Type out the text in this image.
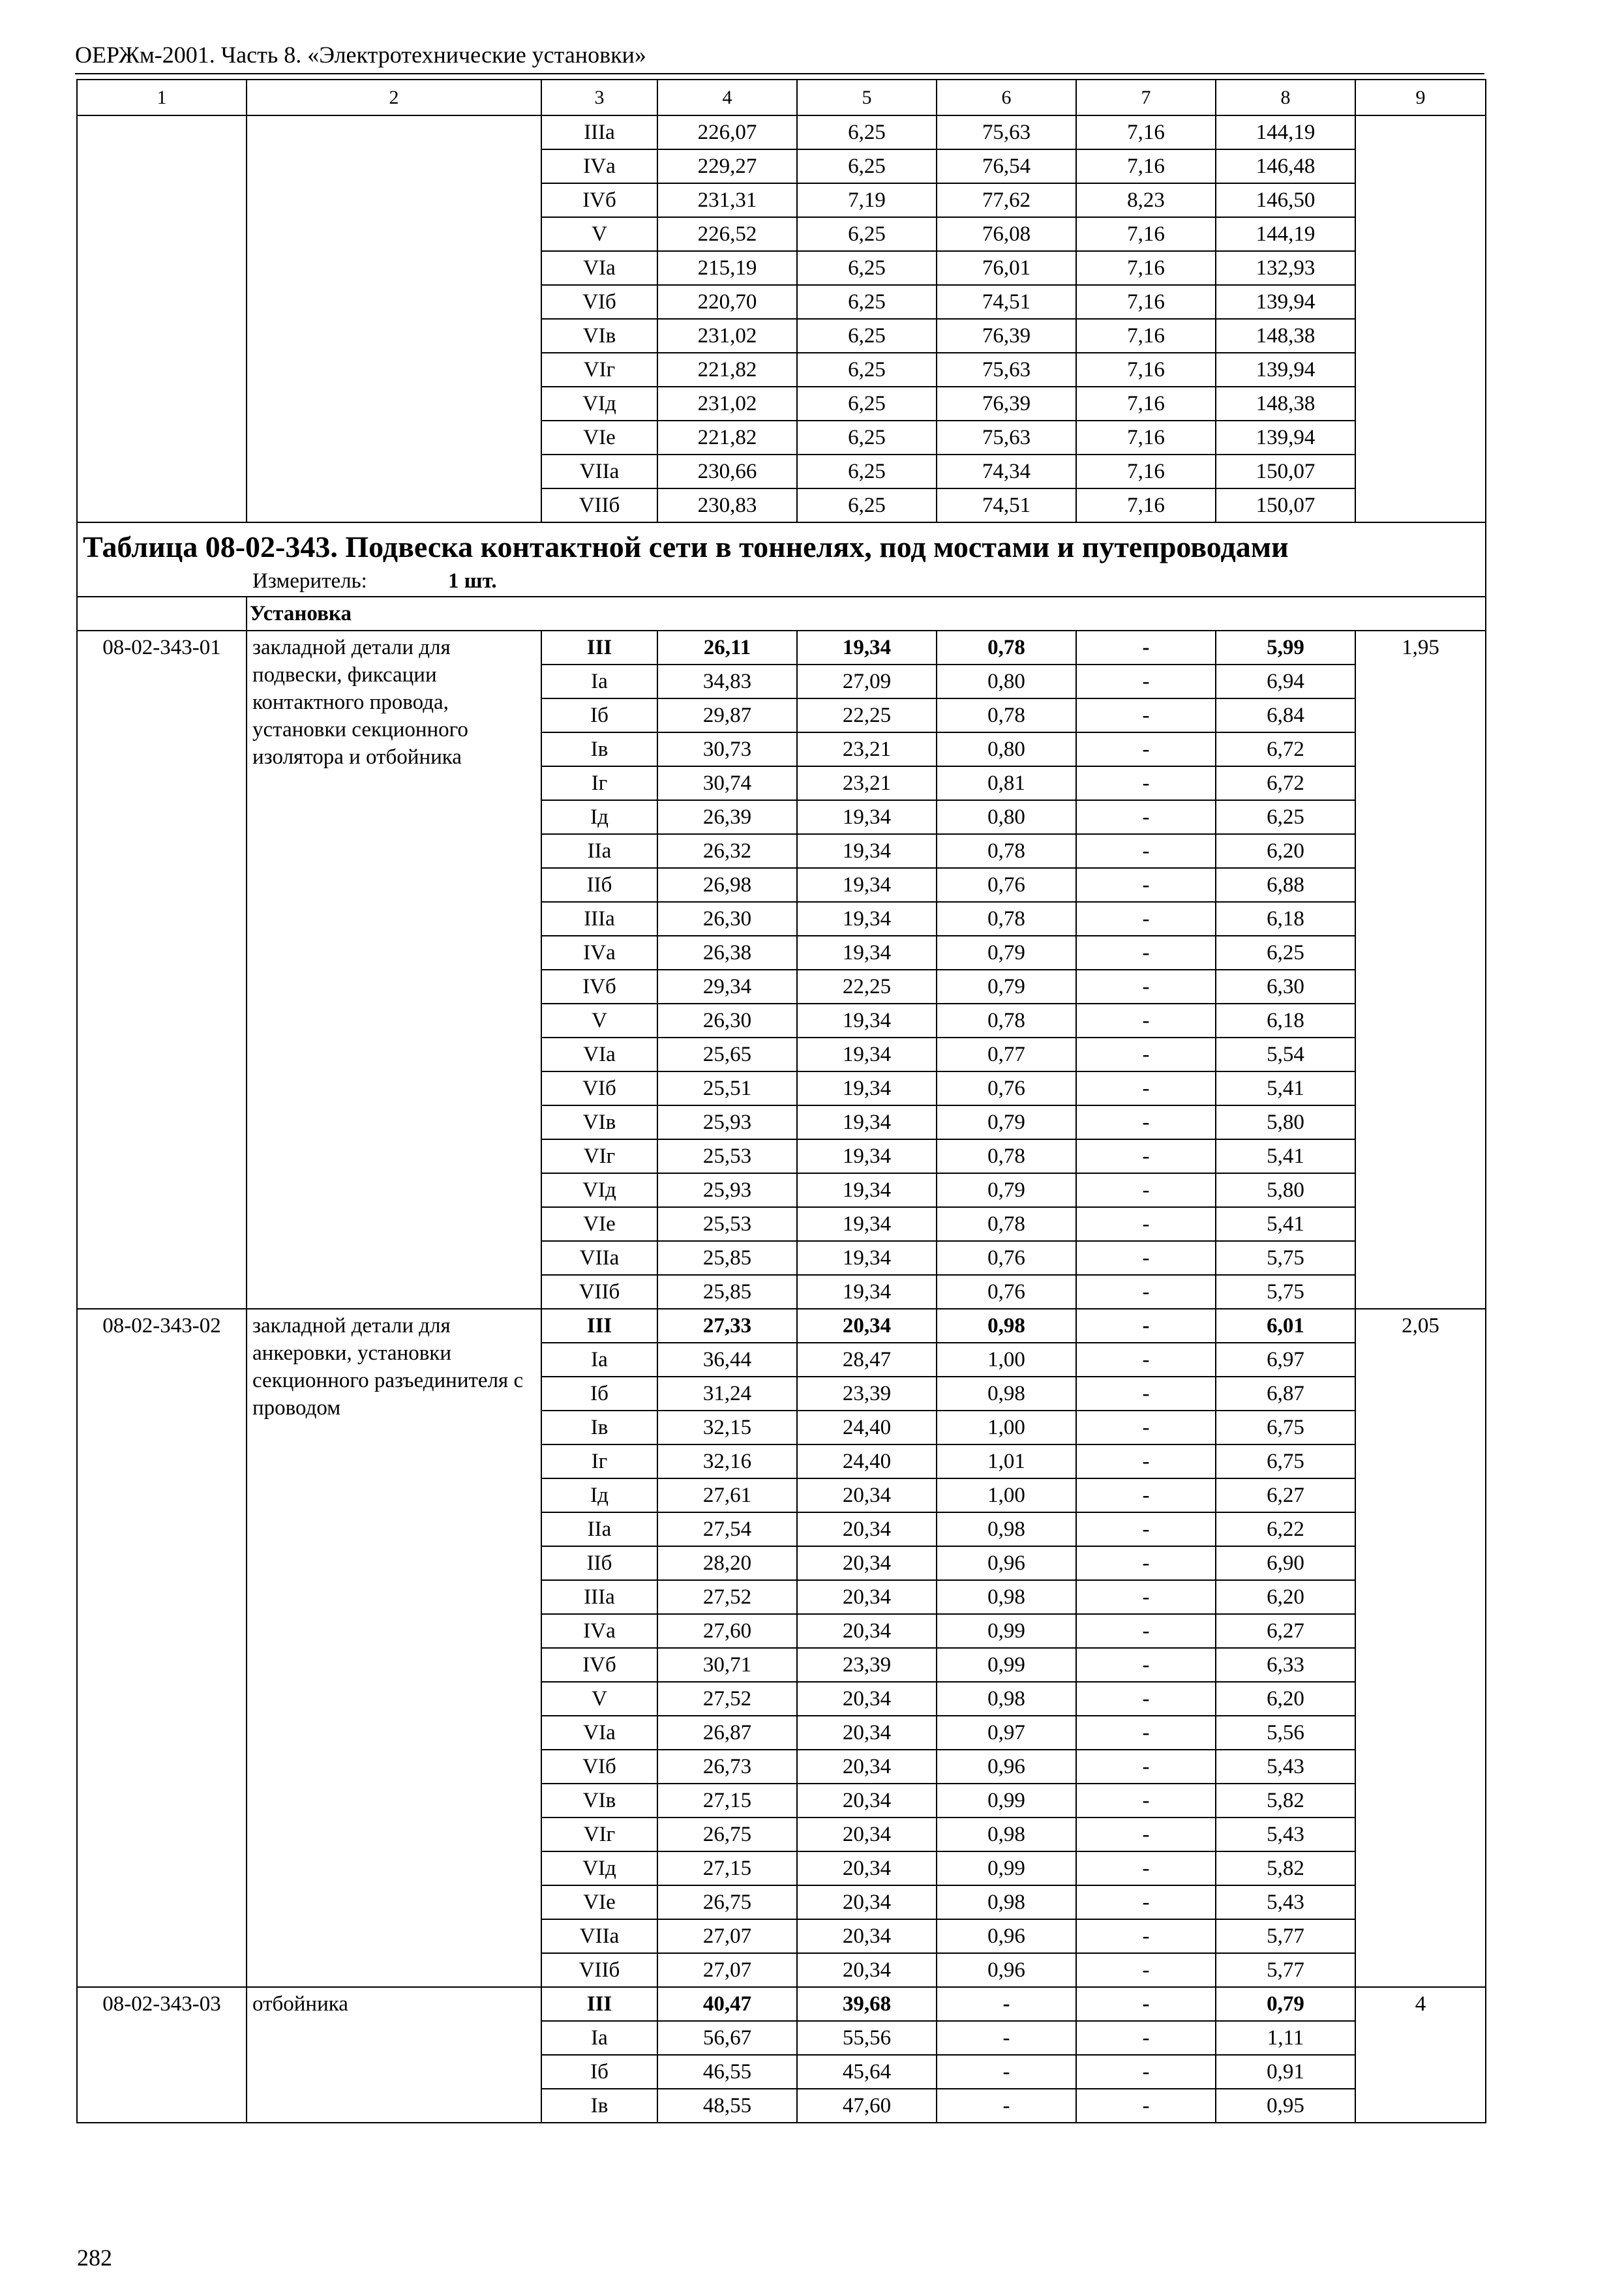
ОЕРЖм-2001. Часть 8. «Электротехнические установки»
1	2	3	4	5	6	7	8	9
		IIIа	226,07	6,25	75,63	7,16	144,19	
		IVа	229,27	6,25	76,54	7,16	146,48	
		IVб	231,31	7,19	77,62	8,23	146,50	
		V	226,52	6,25	76,08	7,16	144,19	
		VIа	215,19	6,25	76,01	7,16	132,93	
		VIб	220,70	6,25	74,51	7,16	139,94	
		VIв	231,02	6,25	76,39	7,16	148,38	
		VIг	221,82	6,25	75,63	7,16	139,94	
		VIд	231,02	6,25	76,39	7,16	148,38	
		VIе	221,82	6,25	75,63	7,16	139,94	
		VIIа	230,66	6,25	74,34	7,16	150,07	
		VIIб	230,83	6,25	74,51	7,16	150,07	

Таблица 08-02-343. Подвеска контактной сети в тоннелях, под мостами и путепроводами
Измеритель: 1 шт.								

	Установка							
08-02-343-01	закладной детали для подвески, фиксации контактного провода, установки секционного изолятора и отбойника	III	26,11	19,34	0,78	-	5,99	1,95
		Iа	34,83	27,09	0,80	-	6,94	
		Iб	29,87	22,25	0,78	-	6,84	
		Iв	30,73	23,21	0,80	-	6,72	
		Iг	30,74	23,21	0,81	-	6,72	
		Iд	26,39	19,34	0,80	-	6,25	
		IIа	26,32	19,34	0,78	-	6,20	
		IIб	26,98	19,34	0,76	-	6,88	
		IIIа	26,30	19,34	0,78	-	6,18	
		IVа	26,38	19,34	0,79	-	6,25	
		IVб	29,34	22,25	0,79	-	6,30	
		V	26,30	19,34	0,78	-	6,18	
		VIа	25,65	19,34	0,77	-	5,54	
		VIб	25,51	19,34	0,76	-	5,41	
		VIв	25,93	19,34	0,79	-	5,80	
		VIг	25,53	19,34	0,78	-	5,41	
		VIд	25,93	19,34	0,79	-	5,80	
		VIе	25,53	19,34	0,78	-	5,41	
		VIIа	25,85	19,34	0,76	-	5,75	
		VIIб	25,85	19,34	0,76	-	5,75	
08-02-343-02	закладной детали для анкеровки, установки секционного разъединителя с проводом	III	27,33	20,34	0,98	-	6,01	2,05
		Iа	36,44	28,47	1,00	-	6,97	
		Iб	31,24	23,39	0,98	-	6,87	
		Iв	32,15	24,40	1,00	-	6,75	
		Iг	32,16	24,40	1,01	-	6,75	
		Iд	27,61	20,34	1,00	-	6,27	
		IIа	27,54	20,34	0,98	-	6,22	
		IIб	28,20	20,34	0,96	-	6,90	
		IIIа	27,52	20,34	0,98	-	6,20	
		IVа	27,60	20,34	0,99	-	6,27	
		IVб	30,71	23,39	0,99	-	6,33	
		V	27,52	20,34	0,98	-	6,20	
		VIа	26,87	20,34	0,97	-	5,56	
		VIб	26,73	20,34	0,96	-	5,43	
		VIв	27,15	20,34	0,99	-	5,82	
		VIг	26,75	20,34	0,98	-	5,43	
		VIд	27,15	20,34	0,99	-	5,82	
		VIе	26,75	20,34	0,98	-	5,43	
		VIIа	27,07	20,34	0,96	-	5,77	
		VIIб	27,07	20,34	0,96	-	5,77	
08-02-343-03	отбойника	III	40,47	39,68	-	-	0,79	4
		Iа	56,67	55,56	-	-	1,11	
		Iб	46,55	45,64	-	-	0,91	
		Iв	48,55	47,60	-	-	0,95	
282
